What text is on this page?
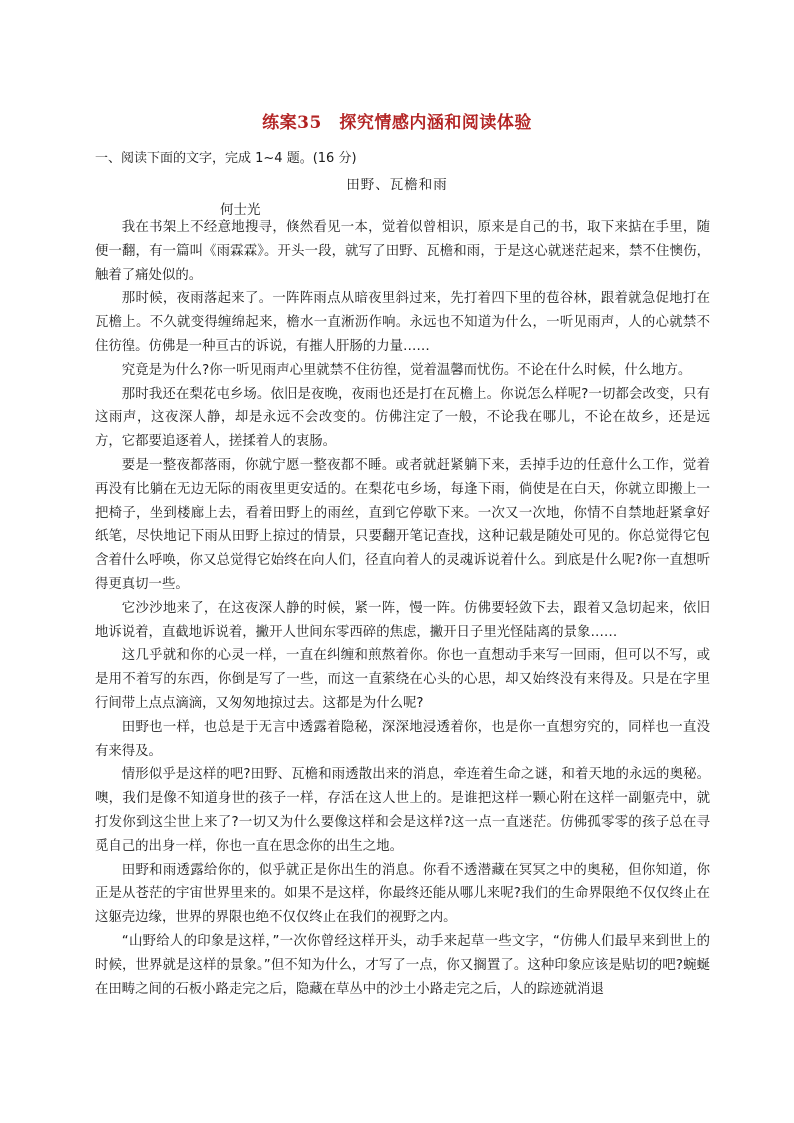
练案35　探究情感内涵和阅读体验
一、阅读下面的文字，完成 1~4 题。(16 分)
田野、瓦檐和雨
何士光

我在书架上不经意地搜寻，倏然看见一本，觉着似曾相识，原来是自己的书，取下来掂在手里，随便一翻，有一篇叫《雨霖霖》。开头一段，就写了田野、瓦檐和雨，于是这心就迷茫起来，禁不住懊伤，触着了痛处似的。

那时候，夜雨落起来了。一阵阵雨点从暗夜里斜过来，先打着四下里的苞谷林，跟着就急促地打在瓦檐上。不久就变得缠绵起来，檐水一直淅沥作响。永远也不知道为什么，一听见雨声，人的心就禁不住彷徨。仿佛是一种亘古的诉说，有摧人肝肠的力量……

究竟是为什么?你一听见雨声心里就禁不住彷徨，觉着温馨而忧伤。不论在什么时候，什么地方。

那时我还在梨花屯乡场。依旧是夜晚，夜雨也还是打在瓦檐上。你说怎么样呢?一切都会改变，只有这雨声，这夜深人静，却是永远不会改变的。仿佛注定了一般，不论我在哪儿，不论在故乡，还是远方，它都要追逐着人，搓揉着人的衷肠。

要是一整夜都落雨，你就宁愿一整夜都不睡。或者就赶紧躺下来，丢掉手边的任意什么工作，觉着再没有比躺在无边无际的雨夜里更安适的。在梨花屯乡场，每逢下雨，倘使是在白天，你就立即搬上一把椅子，坐到楼廊上去，看着田野上的雨丝，直到它停歇下来。一次又一次地，你情不自禁地赶紧拿好纸笔，尽快地记下雨从田野上掠过的情景，只要翻开笔记查找，这种记载是随处可见的。你总觉得它包含着什么呼唤，你又总觉得它始终在向人们，径直向着人的灵魂诉说着什么。到底是什么呢?你一直想听得更真切一些。

它沙沙地来了，在这夜深人静的时候，紧一阵，慢一阵。仿佛要轻敛下去，跟着又急切起来，依旧地诉说着，直截地诉说着，撇开人世间东零西碎的焦虑，撇开日子里光怪陆离的景象……

这几乎就和你的心灵一样，一直在纠缠和煎熬着你。你也一直想动手来写一回雨，但可以不写，或是用不着写的东西，你倒是写了一些，而这一直萦绕在心头的心思，却又始终没有来得及。只是在字里行间带上点点滴滴，又匆匆地掠过去。这都是为什么呢?

田野也一样，也总是于无言中透露着隐秘，深深地浸透着你，也是你一直想穷究的，同样也一直没有来得及。

情形似乎是这样的吧?田野、瓦檐和雨透散出来的消息，牵连着生命之谜，和着天地的永远的奥秘。噢，我们是像不知道身世的孩子一样，存活在这人世上的。是谁把这样一颗心附在这样一副躯壳中，就打发你到这尘世上来了?一切又为什么要像这样和会是这样?这一点一直迷茫。仿佛孤零零的孩子总在寻觅自己的出身一样，你也一直在思念你的出生之地。

田野和雨透露给你的，似乎就正是你出生的消息。你看不透潜藏在冥冥之中的奥秘，但你知道，你正是从苍茫的宇宙世界里来的。如果不是这样，你最终还能从哪儿来呢?我们的生命界限绝不仅仅终止在这躯壳边缘，世界的界限也绝不仅仅终止在我们的视野之内。

“山野给人的印象是这样，”一次你曾经这样开头，动手来起草一些文字，“仿佛人们最早来到世上的时候，世界就是这样的景象。”但不知为什么，才写了一点，你又搁置了。这种印象应该是贴切的吧?蜿蜒在田畴之间的石板小路走完之后，隐藏在草丛中的沙土小路走完之后，人的踪迹就消退
